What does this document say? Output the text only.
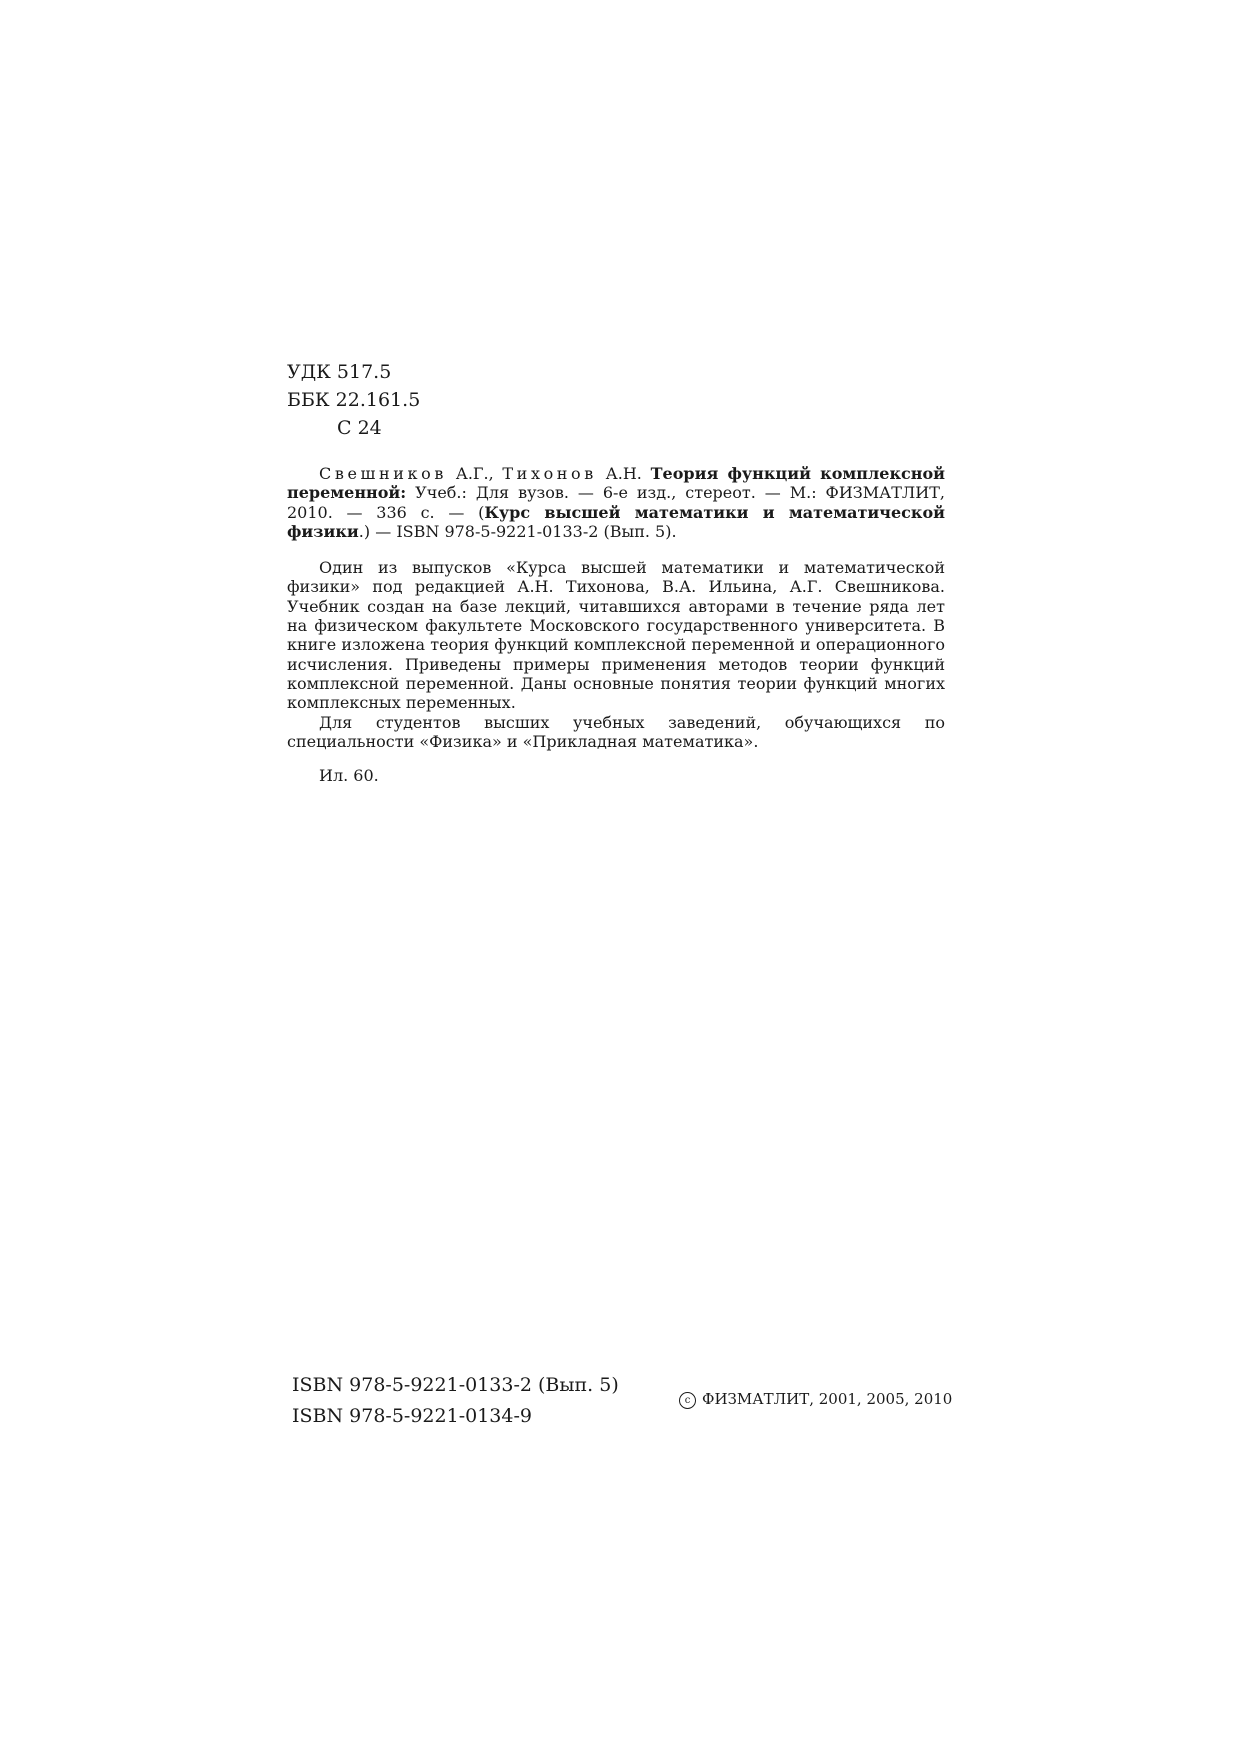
УДК 517.5
ББК 22.161.5
С 24

Свешников А.Г., Тихонов А.Н. Теория функций комплексной переменной: Учеб.: Для вузов. — 6-е изд., стереот. — М.: ФИЗМАТЛИТ, 2010. — 336 с. — (Курс высшей математики и математической физики.) — ISBN 978-5-9221-0133-2 (Вып. 5).

Один из выпусков «Курса высшей математики и математической физики» под редакцией А.Н. Тихонова, В.А. Ильина, А.Г. Свешникова. Учебник создан на базе лекций, читавшихся авторами в течение ряда лет на физическом факультете Московского государственного университета. В книге изложена теория функций комплексной переменной и операционного исчисления. Приведены примеры применения методов теории функций комплексной переменной. Даны основные понятия теории функций многих комплексных переменных.

Для студентов высших учебных заведений, обучающихся по специальности «Физика» и «Прикладная математика».

Ил. 60.

ISBN 978-5-9221-0133-2 (Вып. 5)
ISBN 978-5-9221-0134-9
c ФИЗМАТЛИТ, 2001, 2005, 2010
